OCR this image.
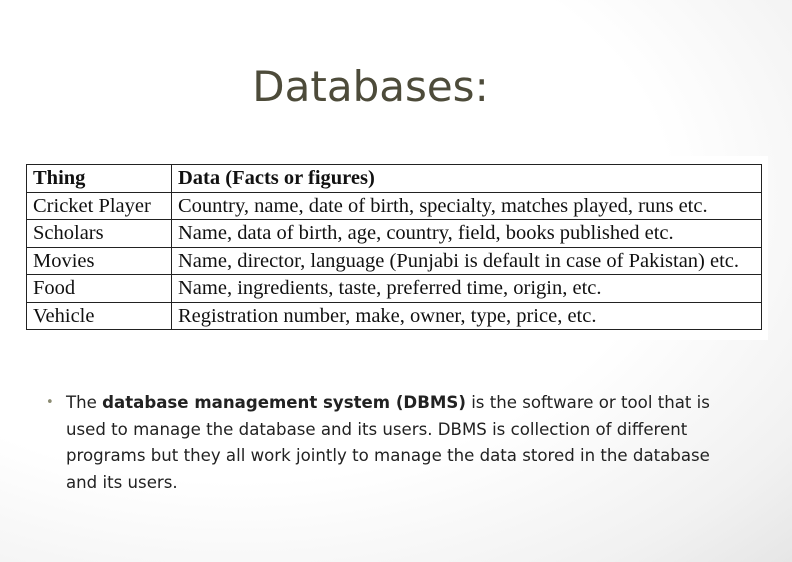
Databases:
Thing	Data (Facts or figures)
Cricket Player	Country, name, date of birth, specialty, matches played, runs etc.
Scholars	Name, data of birth, age, country, field, books published etc.
Movies	Name, director, language (Punjabi is default in case of Pakistan) etc.
Food	Name, ingredients, taste, preferred time, origin, etc.
Vehicle	Registration number, make, owner, type, price, etc.
• The database management system (DBMS) is the software or tool that is used to manage the database and its users. DBMS is collection of different programs but they all work jointly to manage the data stored in the database and its users.
